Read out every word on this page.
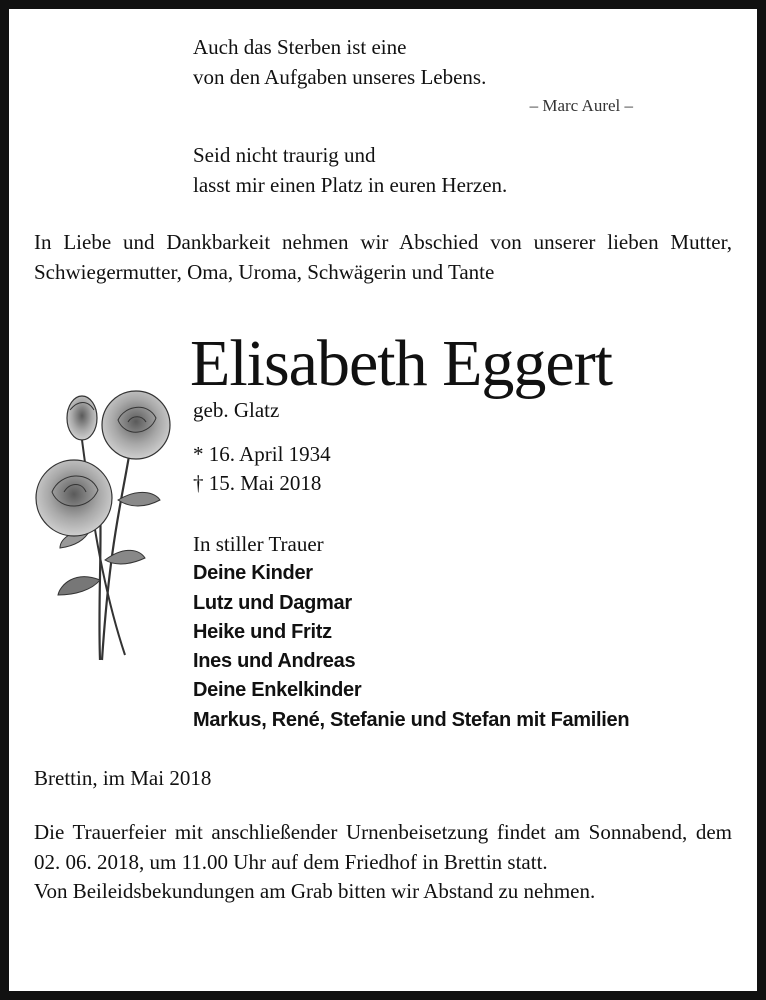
Auch das Sterben ist eine
von den Aufgaben unseres Lebens.
– Marc Aurel –
Seid nicht traurig und
lasst mir einen Platz in euren Herzen.
In Liebe und Dankbarkeit nehmen wir Abschied von unserer lieben Mutter, Schwiegermutter, Oma, Uroma, Schwägerin und Tante
Elisabeth Eggert
geb. Glatz
* 16. April 1934
† 15. Mai 2018
In stiller Trauer
Deine Kinder
Lutz und Dagmar
Heike und Fritz
Ines und Andreas
Deine Enkelkinder
Markus, René, Stefanie und Stefan mit Familien
Brettin, im Mai 2018

Die Trauerfeier mit anschließender Urnenbeisetzung findet am Sonnabend, dem 02. 06. 2018, um 11.00 Uhr auf dem Friedhof in Brettin statt.

Von Beileidsbekundungen am Grab bitten wir Abstand zu nehmen.
